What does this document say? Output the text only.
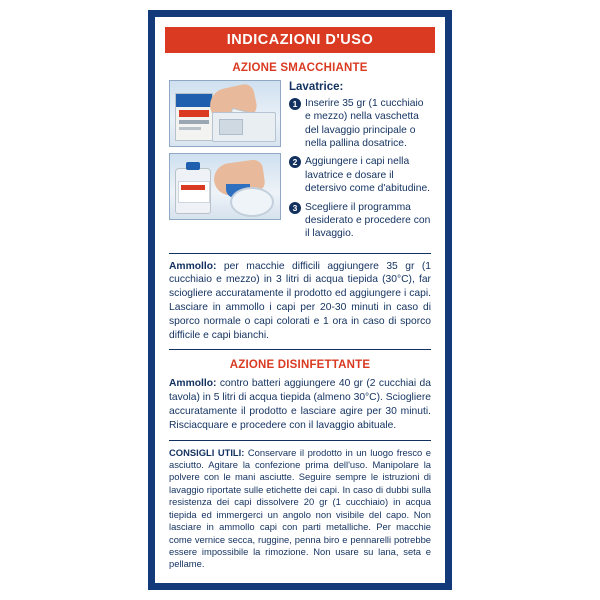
INDICAZIONI D'USO
AZIONE SMACCHIANTE
Lavatrice:
1 Inserire 35 gr (1 cucchiaio e mezzo) nella vaschetta del lavaggio principale o nella pallina dosatrice.
2 Aggiungere i capi nella lavatrice e dosare il detersivo come d'abitudine.
3 Scegliere il programma desiderato e procedere con il lavaggio.
Ammollo: per macchie difficili aggiungere 35 gr (1 cucchiaio e mezzo) in 3 litri di acqua tiepida (30°C), far sciogliere accuratamente il prodotto ed aggiungere i capi. Lasciare in ammollo i capi per 20-30 minuti in caso di sporco normale o capi colorati e 1 ora in caso di sporco difficile e capi bianchi.
AZIONE DISINFETTANTE
Ammollo: contro batteri aggiungere 40 gr (2 cucchiai da tavola) in 5 litri di acqua tiepida (almeno 30°C). Sciogliere accuratamente il prodotto e lasciare agire per 30 minuti. Risciacquare e procedere con il lavaggio abituale.
CONSIGLI UTILI: Conservare il prodotto in un luogo fresco e asciutto. Agitare la confezione prima dell'uso. Manipolare la polvere con le mani asciutte. Seguire sempre le istruzioni di lavaggio riportate sulle etichette dei capi. In caso di dubbi sulla resistenza dei capi dissolvere 20 gr (1 cucchiaio) in acqua tiepida ed immergerci un angolo non visibile del capo. Non lasciare in ammollo capi con parti metalliche. Per macchie come vernice secca, ruggine, penna biro e pennarelli potrebbe essere impossibile la rimozione. Non usare su lana, seta e pellame.
